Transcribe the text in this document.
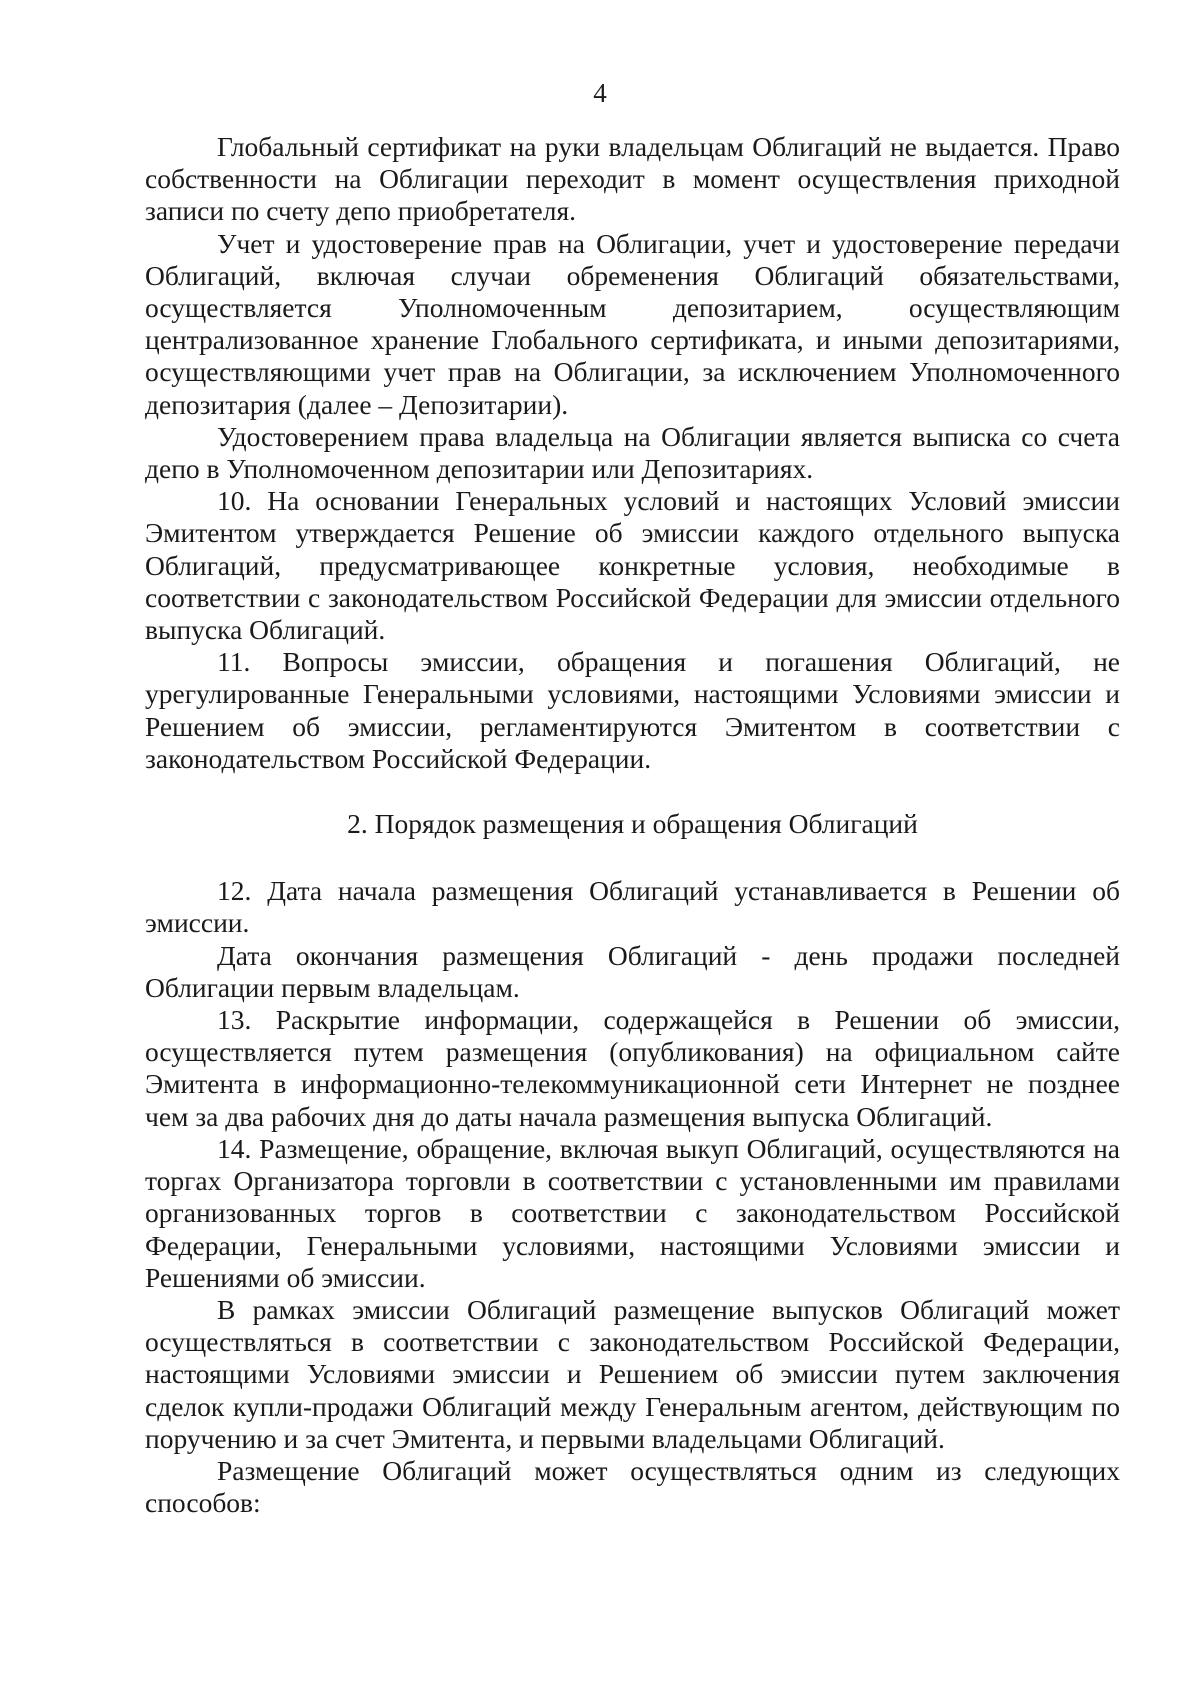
4

Глобальный сертификат на руки владельцам Облигаций не выдается. Право собственности на Облигации переходит в момент осуществления приходной записи по счету депо приобретателя.

Учет и удостоверение прав на Облигации, учет и удостоверение передачи Облигаций, включая случаи обременения Облигаций обязательствами, осуществляется Уполномоченным депозитарием, осуществляющим централизованное хранение Глобального сертификата, и иными депозитариями, осуществляющими учет прав на Облигации, за исключением Уполномоченного депозитария (далее – Депозитарии).

Удостоверением права владельца на Облигации является выписка со счета депо в Уполномоченном депозитарии или Депозитариях.

10. На основании Генеральных условий и настоящих Условий эмиссии Эмитентом утверждается Решение об эмиссии каждого отдельного выпуска Облигаций, предусматривающее конкретные условия, необходимые в соответствии с законодательством Российской Федерации для эмиссии отдельного выпуска Облигаций.

11. Вопросы эмиссии, обращения и погашения Облигаций, не урегулированные Генеральными условиями, настоящими Условиями эмиссии и Решением об эмиссии, регламентируются Эмитентом в соответствии с законодательством Российской Федерации.

2. Порядок размещения и обращения Облигаций

12. Дата начала размещения Облигаций устанавливается в Решении об эмиссии.

Дата окончания размещения Облигаций - день продажи последней Облигации первым владельцам.

13. Раскрытие информации, содержащейся в Решении об эмиссии, осуществляется путем размещения (опубликования) на официальном сайте Эмитента в информационно-телекоммуникационной сети Интернет не позднее чем за два рабочих дня до даты начала размещения выпуска Облигаций.

14. Размещение, обращение, включая выкуп Облигаций, осуществляются на торгах Организатора торговли в соответствии с установленными им правилами организованных торгов в соответствии с законодательством Российской Федерации, Генеральными условиями, настоящими Условиями эмиссии и Решениями об эмиссии.

В рамках эмиссии Облигаций размещение выпусков Облигаций может осуществляться в соответствии с законодательством Российской Федерации, настоящими Условиями эмиссии и Решением об эмиссии путем заключения сделок купли-продажи Облигаций между Генеральным агентом, действующим по поручению и за счет Эмитента, и первыми владельцами Облигаций.

Размещение Облигаций может осуществляться одним из следующих способов:
